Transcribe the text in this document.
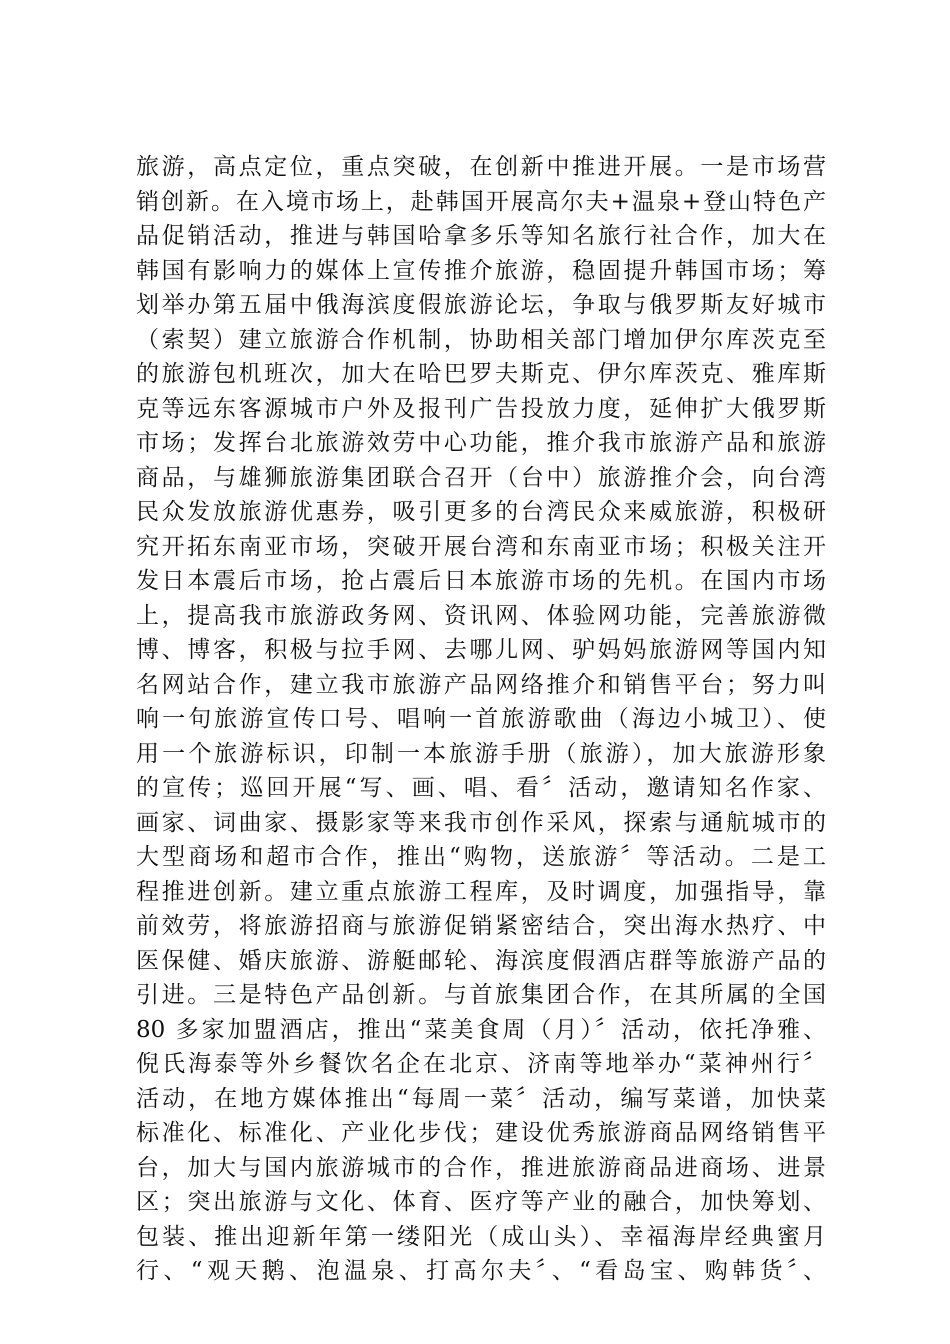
旅游，高点定位，重点突破，在创新中推进开展。一是市场营
销创新。在入境市场上，赴韩国开展高尔夫+温泉+登山特色产
品促销活动，推进与韩国哈拿多乐等知名旅行社合作，加大在
韩国有影响力的媒体上宣传推介旅游，稳固提升韩国市场；筹
划举办第五届中俄海滨度假旅游论坛，争取与俄罗斯友好城市
（索契）建立旅游合作机制，协助相关部门增加伊尔库茨克至
的旅游包机班次，加大在哈巴罗夫斯克、伊尔库茨克、雅库斯
克等远东客源城市户外及报刊广告投放力度，延伸扩大俄罗斯
市场；发挥台北旅游效劳中心功能，推介我市旅游产品和旅游
商品，与雄狮旅游集团联合召开（台中）旅游推介会，向台湾
民众发放旅游优惠券，吸引更多的台湾民众来威旅游，积极研
究开拓东南亚市场，突破开展台湾和东南亚市场；积极关注开
发日本震后市场，抢占震后日本旅游市场的先机。在国内市场
上，提高我市旅游政务网、资讯网、体验网功能，完善旅游微
博、博客，积极与拉手网、去哪儿网、驴妈妈旅游网等国内知
名网站合作，建立我市旅游产品网络推介和销售平台；努力叫
响一句旅游宣传口号、唱响一首旅游歌曲（海边小城卫）、使
用一个旅游标识，印制一本旅游手册（旅游），加大旅游形象
的宣传；巡回开展“写、画、唱、看〞活动，邀请知名作家、
画家、词曲家、摄影家等来我市创作采风，探索与通航城市的
大型商场和超市合作，推出“购物，送旅游〞等活动。二是工
程推进创新。建立重点旅游工程库，及时调度，加强指导，靠
前效劳，将旅游招商与旅游促销紧密结合，突出海水热疗、中
医保健、婚庆旅游、游艇邮轮、海滨度假酒店群等旅游产品的
引进。三是特色产品创新。与首旅集团合作，在其所属的全国
80 多家加盟酒店，推出“菜美食周（月）〞活动，依托净雅、
倪氏海泰等外乡餐饮名企在北京、济南等地举办“菜神州行〞
活动，在地方媒体推出“每周一菜〞活动，编写菜谱，加快菜
标准化、标准化、产业化步伐；建设优秀旅游商品网络销售平
台，加大与国内旅游城市的合作，推进旅游商品进商场、进景
区；突出旅游与文化、体育、医疗等产业的融合，加快筹划、
包装、推出迎新年第一缕阳光（成山头）、幸福海岸经典蜜月
行、“观天鹅、泡温泉、打高尔夫〞、“看岛宝、购韩货〞、
